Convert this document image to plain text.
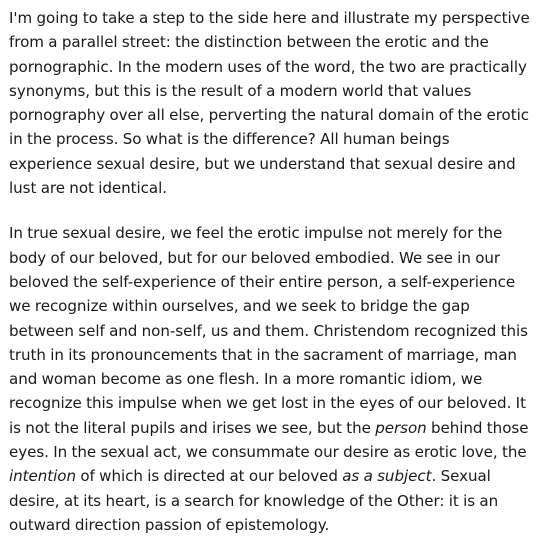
I'm going to take a step to the side here and illustrate my perspective from a parallel street: the distinction between the erotic and the pornographic. In the modern uses of the word, the two are practically synonyms, but this is the result of a modern world that values pornography over all else, perverting the natural domain of the erotic in the process. So what is the difference? All human beings experience sexual desire, but we understand that sexual desire and lust are not identical.

In true sexual desire, we feel the erotic impulse not merely for the body of our beloved, but for our beloved embodied. We see in our beloved the self-experience of their entire person, a self-experience we recognize within ourselves, and we seek to bridge the gap between self and non-self, us and them. Christendom recognized this truth in its pronouncements that in the sacrament of marriage, man and woman become as one flesh. In a more romantic idiom, we recognize this impulse when we get lost in the eyes of our beloved. It is not the literal pupils and irises we see, but the person behind those eyes. In the sexual act, we consummate our desire as erotic love, the intention of which is directed at our beloved as a subject. Sexual desire, at its heart, is a search for knowledge of the Other: it is an outward direction passion of epistemology.
